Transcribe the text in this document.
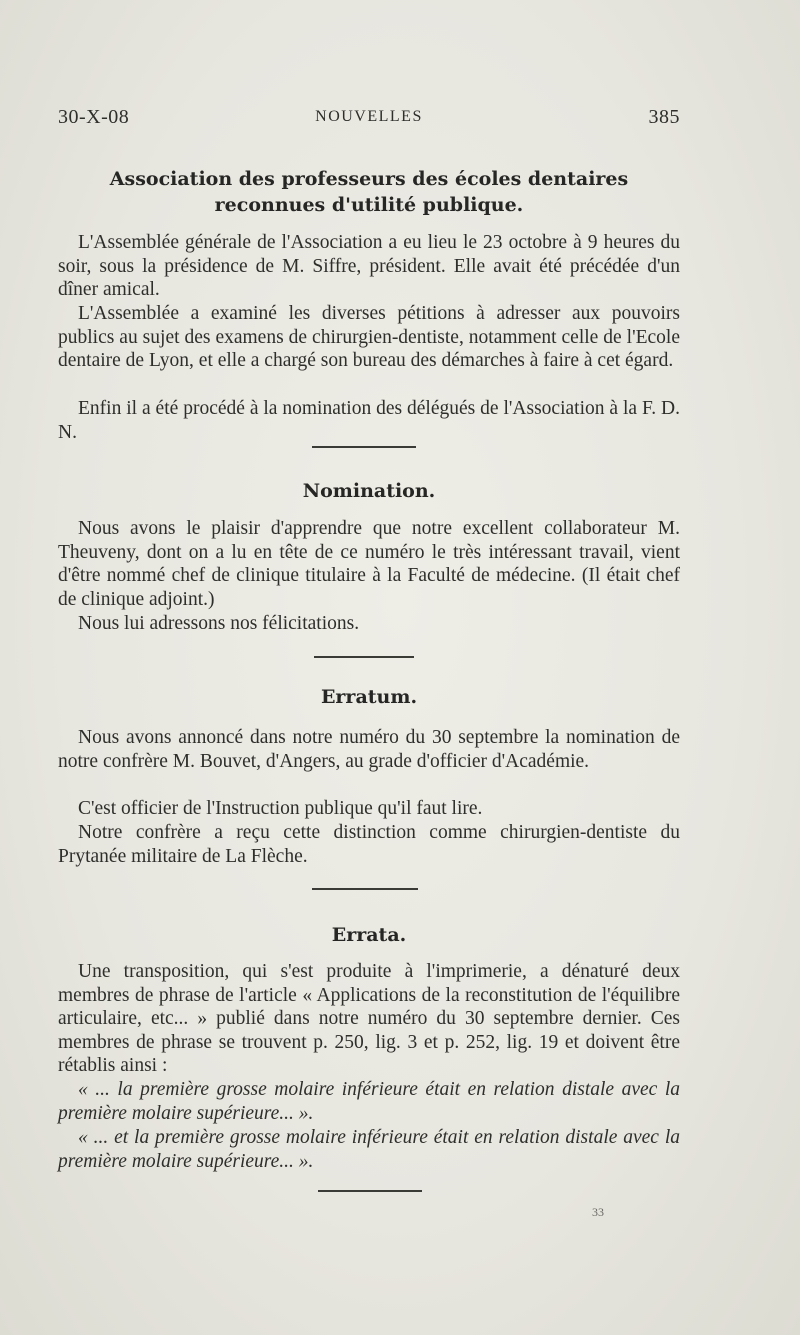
30-X-08	NOUVELLES	385
Association des professeurs des écoles dentaires reconnues d'utilité publique.

L'Assemblée générale de l'Association a eu lieu le 23 octobre à 9 heures du soir, sous la présidence de M. Siffre, président. Elle avait été précédée d'un dîner amical.

L'Assemblée a examiné les diverses pétitions à adresser aux pouvoirs publics au sujet des examens de chirurgien-dentiste, notamment celle de l'Ecole dentaire de Lyon, et elle a chargé son bureau des démarches à faire à cet égard.

Enfin il a été procédé à la nomination des délégués de l'Association à la F. D. N.

Nomination.

Nous avons le plaisir d'apprendre que notre excellent collaborateur M. Theuveny, dont on a lu en tête de ce numéro le très intéressant travail, vient d'être nommé chef de clinique titulaire à la Faculté de médecine. (Il était chef de clinique adjoint.)

Nous lui adressons nos félicitations.

Erratum.

Nous avons annoncé dans notre numéro du 30 septembre la nomination de notre confrère M. Bouvet, d'Angers, au grade d'officier d'Académie.

C'est officier de l'Instruction publique qu'il faut lire.

Notre confrère a reçu cette distinction comme chirurgien-dentiste du Prytanée militaire de La Flèche.

Errata.

Une transposition, qui s'est produite à l'imprimerie, a dénaturé deux membres de phrase de l'article « Applications de la reconstitution de l'équilibre articulaire, etc... » publié dans notre numéro du 30 septembre dernier. Ces membres de phrase se trouvent p. 250, lig. 3 et p. 252, lig. 19 et doivent être rétablis ainsi :

« ... la première grosse molaire inférieure était en relation distale avec la première molaire supérieure... ».

« ... et la première grosse molaire inférieure était en relation distale avec la première molaire supérieure... ».

33
